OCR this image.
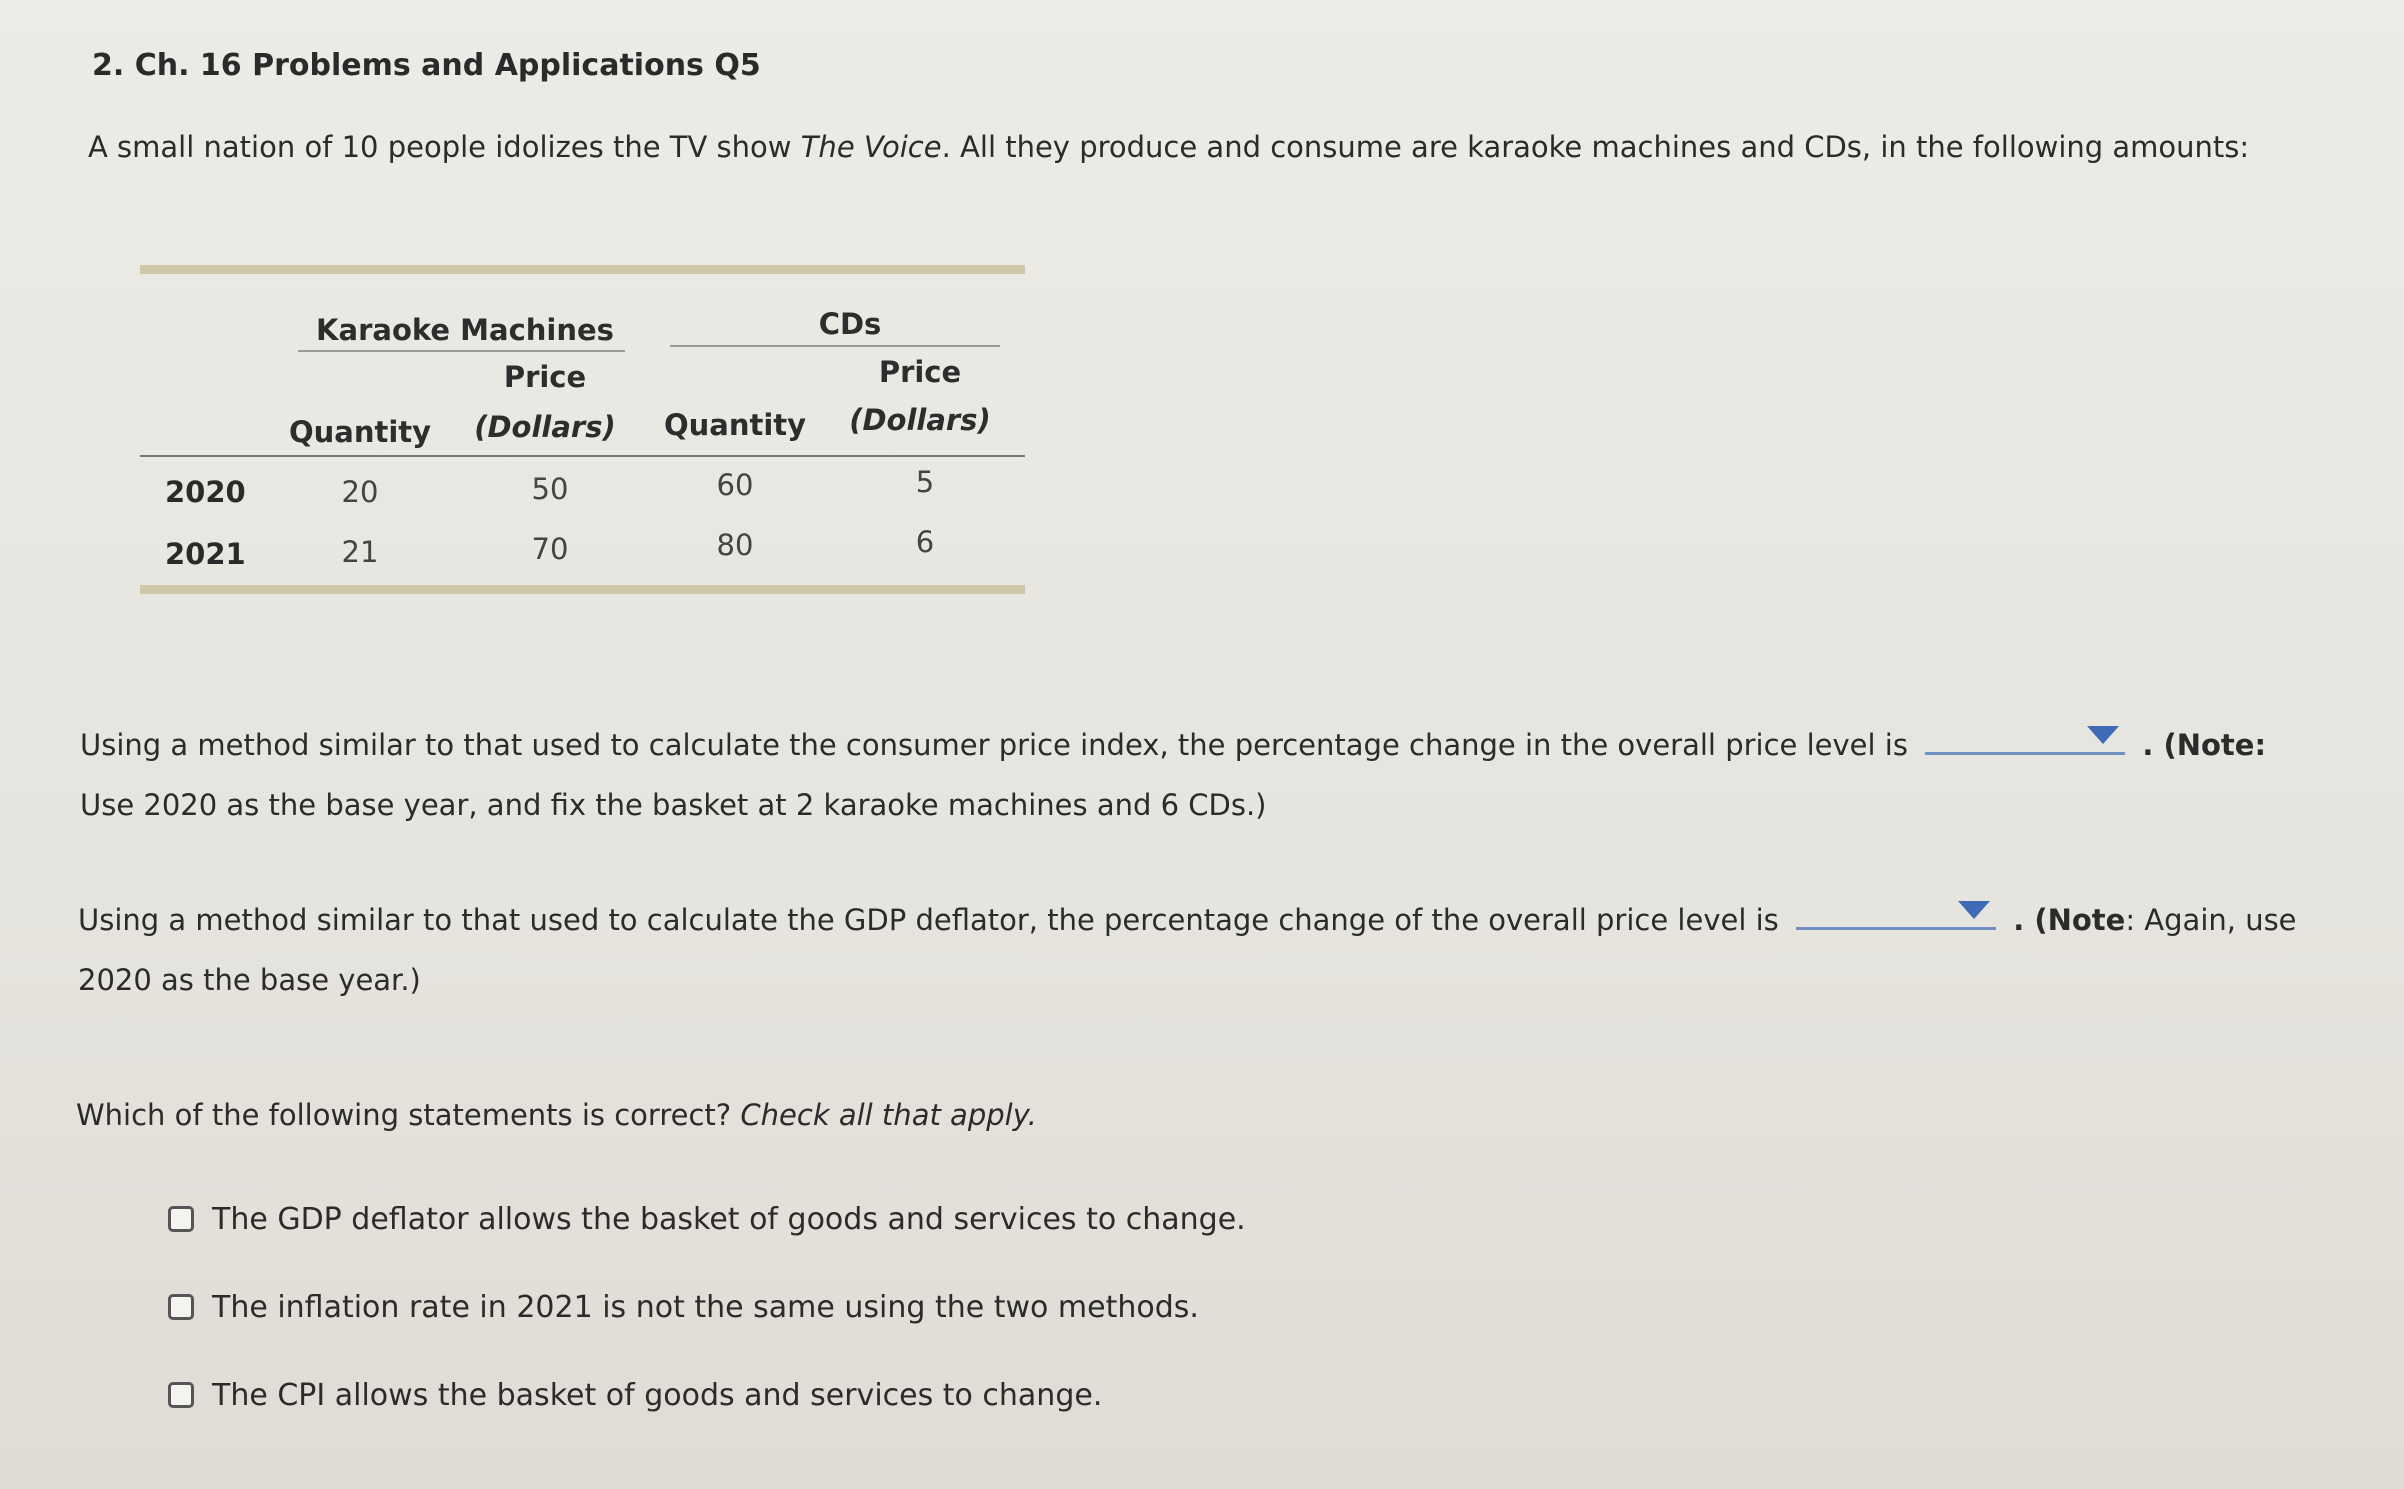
2. Ch. 16 Problems and Applications Q5
A small nation of 10 people idolizes the TV show The Voice. All they produce and consume are karaoke machines and CDs, in the following amounts:
Karaoke Machines	CDs
Price	Price
Quantity	(Dollars)	Quantity	(Dollars)
2020	20	50	60	5
2021	21	70	80	6
Using a method similar to that used to calculate the consumer price index, the percentage change in the overall price level is	. (Note:
Use 2020 as the base year, and fix the basket at 2 karaoke machines and 6 CDs.)
Using a method similar to that used to calculate the GDP deflator, the percentage change of the overall price level is	. (Note: Again, use
2020 as the base year.)
Which of the following statements is correct? Check all that apply.
The GDP deflator allows the basket of goods and services to change.
The inflation rate in 2021 is not the same using the two methods.
The CPI allows the basket of goods and services to change.
